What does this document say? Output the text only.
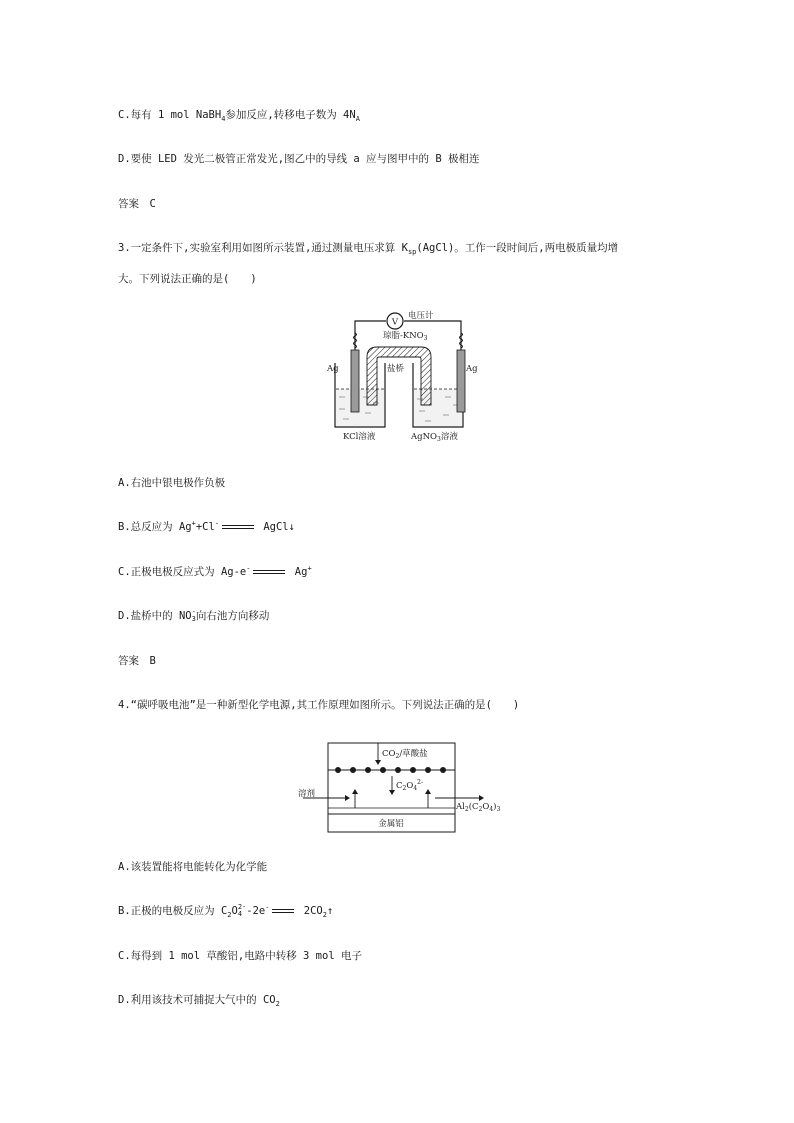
C.每有 1 mol NaBH$_4$参加反应,转移电子数为 $4N_A$
D.要使 LED 发光二极管正常发光,图乙中的导线 a 应与图甲中的 B 极相连
答案　C
3.一定条件下,实验室利用如图所示装置,通过测量电压求算 $K_{sp}(AgCl)$。工作一段时间后,两电极质量均增
大。下列说法正确的是(　　)
V
电压计
Ag	Ag
琼脂$-KNO_3$
盐桥
KCl溶液	AgNO$_3$溶液
A.右池中银电极作负极
B.总反应为 Ag++Cl-	AgCl↓
C.正极电极反应式为 Ag-e-	Ag+
D.盐桥中的 NO -
3 向右池方向移动
答案　B
4.“碳呼吸电池”是一种新型化学电源,其工作原理如图所示。下列说法正确的是(　　)
$CO_2/$草酸盐
$C_2O_4^{2-}$
溶剂
$Al_2(C_2O_4)_3$
金属铝
A.该装置能将电能转化为化学能
B.正极的电极反应为 $C_2O$ 2-
4 -2e-	$2CO_2↑$
C.每得到 1 mol 草酸铝,电路中转移 3 mol 电子
D.利用该技术可捕捉大气中的 $CO_2$
